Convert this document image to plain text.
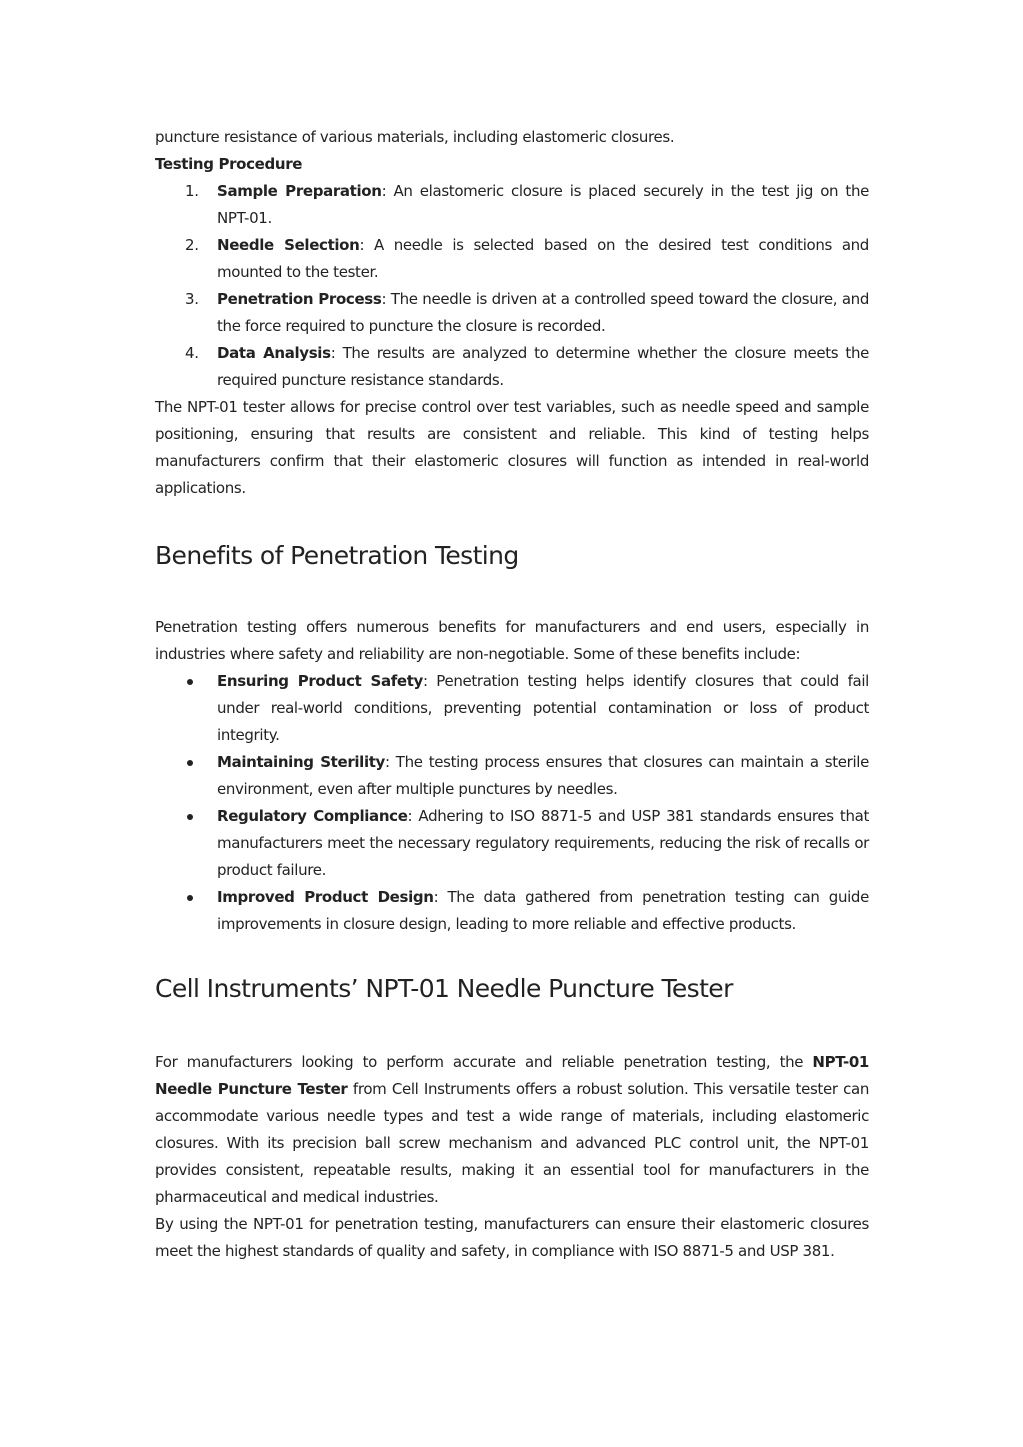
puncture resistance of various materials, including elastomeric closures.

Testing Procedure

1. Sample Preparation: An elastomeric closure is placed securely in the test jig on the NPT-01.
2. Needle Selection: A needle is selected based on the desired test conditions and mounted to the tester.
3. Penetration Process: The needle is driven at a controlled speed toward the closure, and the force required to puncture the closure is recorded.
4. Data Analysis: The results are analyzed to determine whether the closure meets the required puncture resistance standards.

The NPT-01 tester allows for precise control over test variables, such as needle speed and sample positioning, ensuring that results are consistent and reliable. This kind of testing helps manufacturers confirm that their elastomeric closures will function as intended in real-world applications.

Benefits of Penetration Testing

Penetration testing offers numerous benefits for manufacturers and end users, especially in industries where safety and reliability are non-negotiable. Some of these benefits include:

Ensuring Product Safety: Penetration testing helps identify closures that could fail under real-world conditions, preventing potential contamination or loss of product integrity.
Maintaining Sterility: The testing process ensures that closures can maintain a sterile environment, even after multiple punctures by needles.
Regulatory Compliance: Adhering to ISO 8871-5 and USP 381 standards ensures that manufacturers meet the necessary regulatory requirements, reducing the risk of recalls or product failure.
Improved Product Design: The data gathered from penetration testing can guide improvements in closure design, leading to more reliable and effective products.
Cell Instruments’ NPT-01 Needle Puncture Tester

For manufacturers looking to perform accurate and reliable penetration testing, the NPT-01 Needle Puncture Tester from Cell Instruments offers a robust solution. This versatile tester can accommodate various needle types and test a wide range of materials, including elastomeric closures. With its precision ball screw mechanism and advanced PLC control unit, the NPT-01 provides consistent, repeatable results, making it an essential tool for manufacturers in the pharmaceutical and medical industries.

By using the NPT-01 for penetration testing, manufacturers can ensure their elastomeric closures meet the highest standards of quality and safety, in compliance with ISO 8871-5 and USP 381.
